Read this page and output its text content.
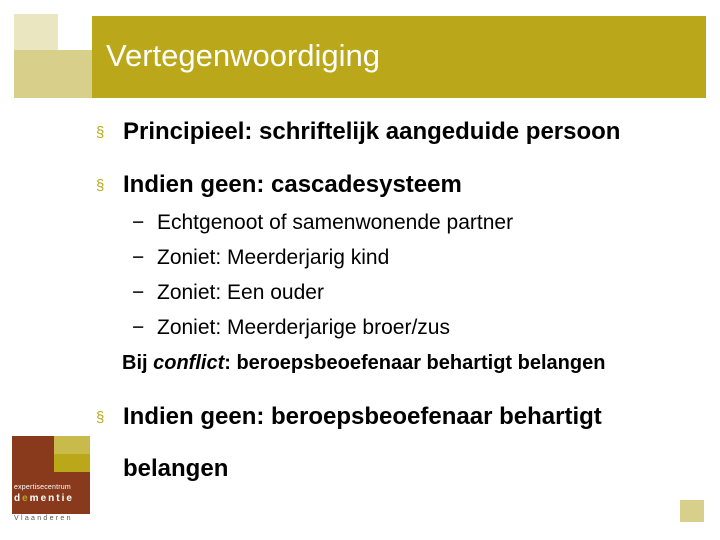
Vertegenwoordiging
§ Principieel: schriftelijk aangeduide persoon
§ Indien geen: cascadesysteem
− Echtgenoot of samenwonende partner
− Zoniet: Meerderjarig kind
− Zoniet: Een ouder
− Zoniet: Meerderjarige broer/zus
Bij conflict: beroepsbeoefenaar behartigt belangen
§ Indien geen: beroepsbeoefenaar behartigt belangen
expertisecentrum
dementie
Vlaanderen
